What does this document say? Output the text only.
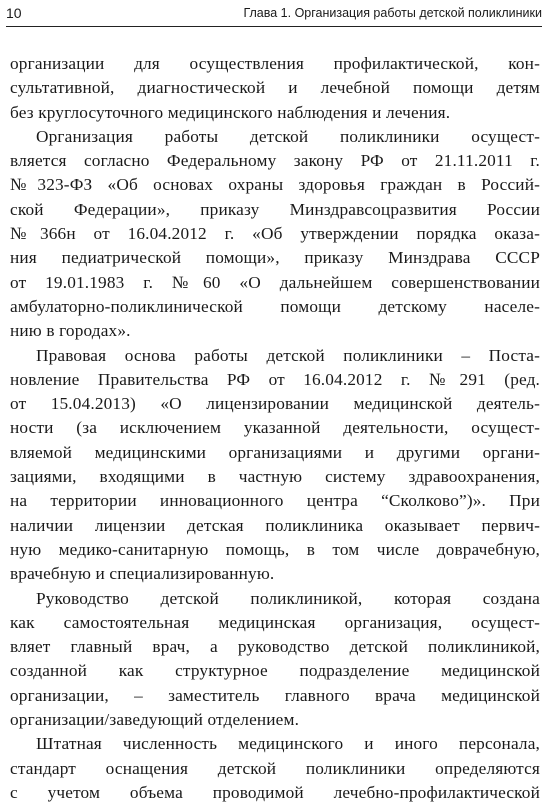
10	Глава 1. Организация работы детской поликлиники
организации для осуществления профилактической, кон-
сультативной, диагностической и лечебной помощи детям
без круглосуточного медицинского наблюдения и лечения.
Организация работы детской поликлиники осущест-
вляется согласно Федеральному закону РФ от 21.11.2011 г.
№323-ФЗ «Об основах охраны здоровья граждан в Россий-
ской Федерации», приказу Минздравсоцразвития России
№366н от 16.04.2012 г. «Об утверждении порядка оказа-
ния педиатрической помощи», приказу Минздрава СССР
от 19.01.1983 г. №60 «О дальнейшем совершенствовании
амбулаторно-поликлинической помощи детскому населе-
нию в городах».
Правовая основа работы детской поликлиники – Поста-
новление Правительства РФ от 16.04.2012 г. №291 (ред.
от 15.04.2013) «О лицензировании медицинской деятель-
ности (за исключением указанной деятельности, осущест-
вляемой медицинскими организациями и другими органи-
зациями, входящими в частную систему здравоохранения,
на территории инновационного центра “Сколково”)». При
наличии лицензии детская поликлиника оказывает первич-
ную медико-санитарную помощь, в том числе доврачебную,
врачебную и специализированную.
Руководство детской поликлиникой, которая создана
как самостоятельная медицинская организация, осущест-
вляет главный врач, а руководство детской поликлиникой,
созданной как структурное подразделение медицинской
организации, – заместитель главного врача медицинской
организации/заведующий отделением.
Штатная численность медицинского и иного персонала,
стандарт оснащения детской поликлиники определяются
с учетом объема проводимой лечебно-профилактической
